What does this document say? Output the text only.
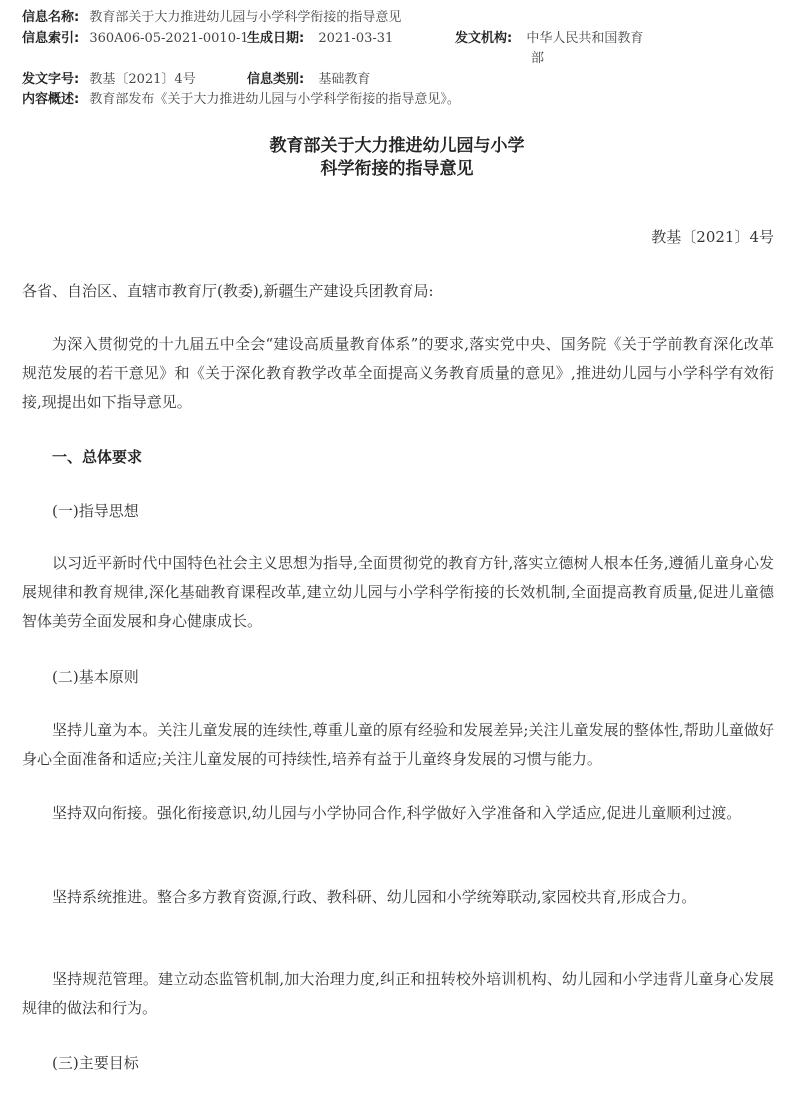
信息名称: 教育部关于大力推进幼儿园与小学科学衔接的指导意见
信息索引: 360A06-05-2021-0010-1
生成日期: 2021-03-31	发文机构: 中华人民共和国教育
部
发文字号: 教基〔2021〕4号	信息类别: 基础教育
内容概述: 教育部发布《关于大力推进幼儿园与小学科学衔接的指导意见》。
教育部关于大力推进幼儿园与小学
科学衔接的指导意见
教基〔2021〕4号
各省、自治区、直辖市教育厅(教委),新疆生产建设兵团教育局:
为深入贯彻党的十九届五中全会“建设高质量教育体系”的要求,落实党中央、国务院《关于学前教育深化改革规范发展的若干意见》和《关于深化教育教学改革全面提高义务教育质量的意见》,推进幼儿园与小学科学有效衔接,现提出如下指导意见。
一、总体要求
(一)指导思想
以习近平新时代中国特色社会主义思想为指导,全面贯彻党的教育方针,落实立德树人根本任务,遵循儿童身心发展规律和教育规律,深化基础教育课程改革,建立幼儿园与小学科学衔接的长效机制,全面提高教育质量,促进儿童德智体美劳全面发展和身心健康成长。
(二)基本原则
坚持儿童为本。关注儿童发展的连续性,尊重儿童的原有经验和发展差异;关注儿童发展的整体性,帮助儿童做好身心全面准备和适应;关注儿童发展的可持续性,培养有益于儿童终身发展的习惯与能力。
坚持双向衔接。强化衔接意识,幼儿园与小学协同合作,科学做好入学准备和入学适应,促进儿童顺利过渡。
坚持系统推进。整合多方教育资源,行政、教科研、幼儿园和小学统筹联动,家园校共育,形成合力。
坚持规范管理。建立动态监管机制,加大治理力度,纠正和扭转校外培训机构、幼儿园和小学违背儿童身心发展规律的做法和行为。
(三)主要目标
